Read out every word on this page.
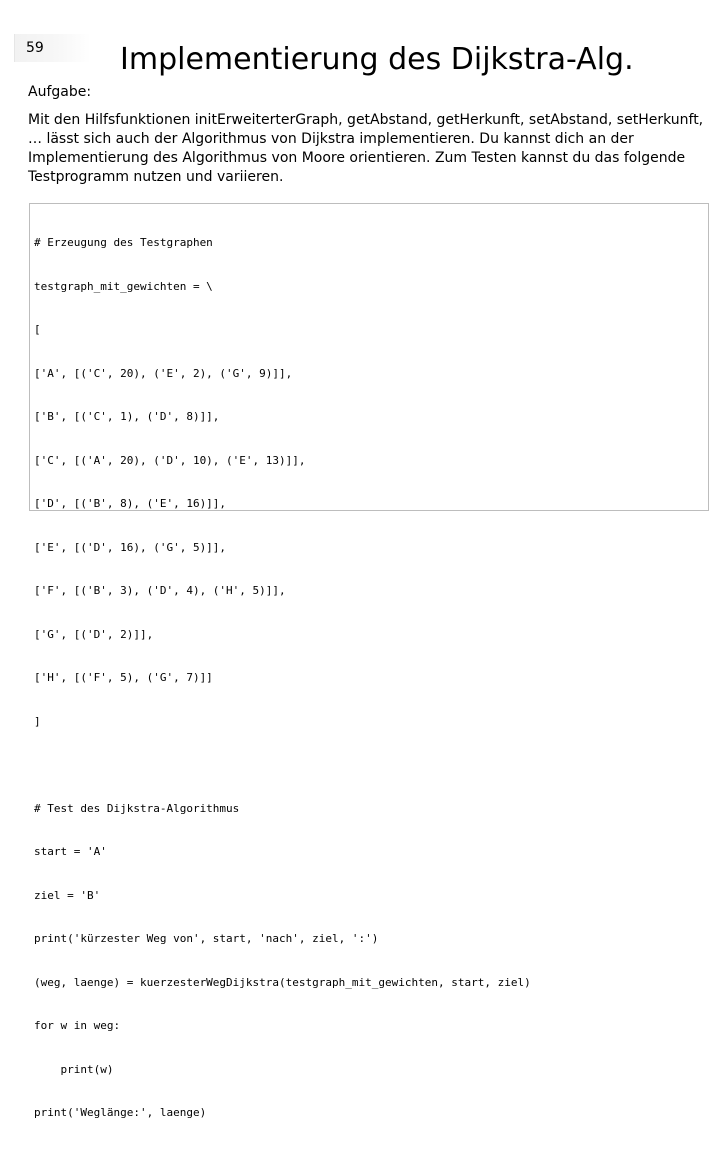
59	Implementierung des Dijkstra-Alg.
Aufgabe:
Mit den Hilfsfunktionen initErweiterterGraph, getAbstand, getHerkunft, setAbstand, setHerkunft,
… lässt sich auch der Algorithmus von Dijkstra implementieren. Du kannst dich an der
Implementierung des Algorithmus von Moore orientieren. Zum Testen kannst du das folgende
Testprogramm nutzen und variieren.

# Erzeugung des Testgraphen

testgraph_mit_gewichten = \

[

['A', [('C', 20), ('E', 2), ('G', 9)]],

['B', [('C', 1), ('D', 8)]],

['C', [('A', 20), ('D', 10), ('E', 13)]],

['D', [('B', 8), ('E', 16)]],

['E', [('D', 16), ('G', 5)]],

['F', [('B', 3), ('D', 4), ('H', 5)]],

['G', [('D', 2)]],

['H', [('F', 5), ('G', 7)]]

]

# Test des Dijkstra-Algorithmus

start = 'A'

ziel = 'B'

print('kürzester Weg von', start, 'nach', ziel, ':')

(weg, laenge) = kuerzesterWegDijkstra(testgraph_mit_gewichten, start, ziel)

for w in weg:

print(w)

print('Weglänge:', laenge)
